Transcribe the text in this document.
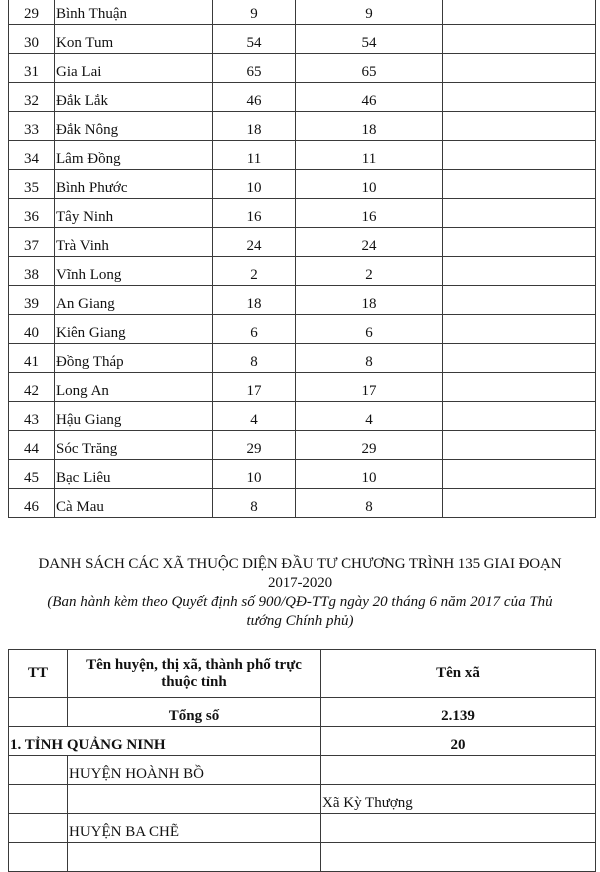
29	Bình Thuận	9	9	
30	Kon Tum	54	54	
31	Gia Lai	65	65	
32	Đắk Lắk	46	46	
33	Đắk Nông	18	18	
34	Lâm Đồng	11	11	
35	Bình Phước	10	10	
36	Tây Ninh	16	16	
37	Trà Vinh	24	24	
38	Vĩnh Long	2	2	
39	An Giang	18	18	
40	Kiên Giang	6	6	
41	Đồng Tháp	8	8	
42	Long An	17	17	
43	Hậu Giang	4	4	
44	Sóc Trăng	29	29	
45	Bạc Liêu	10	10	
46	Cà Mau	8	8	
DANH SÁCH CÁC XÃ THUỘC DIỆN ĐẦU TƯ CHƯƠNG TRÌNH 135 GIAI ĐOẠN
2017-2020
(Ban hành kèm theo Quyết định số 900/QĐ-TTg ngày 20 tháng 6 năm 2017 của Thủ
tướng Chính phủ)
TT	Tên huyện, thị xã, thành phố trực thuộc tỉnh	Tên xã
	Tổng số	2.139
1. TỈNH QUẢNG NINH		20
	HUYỆN HOÀNH BỒ	
		Xã Kỳ Thượng
	HUYỆN BA CHẼ	
